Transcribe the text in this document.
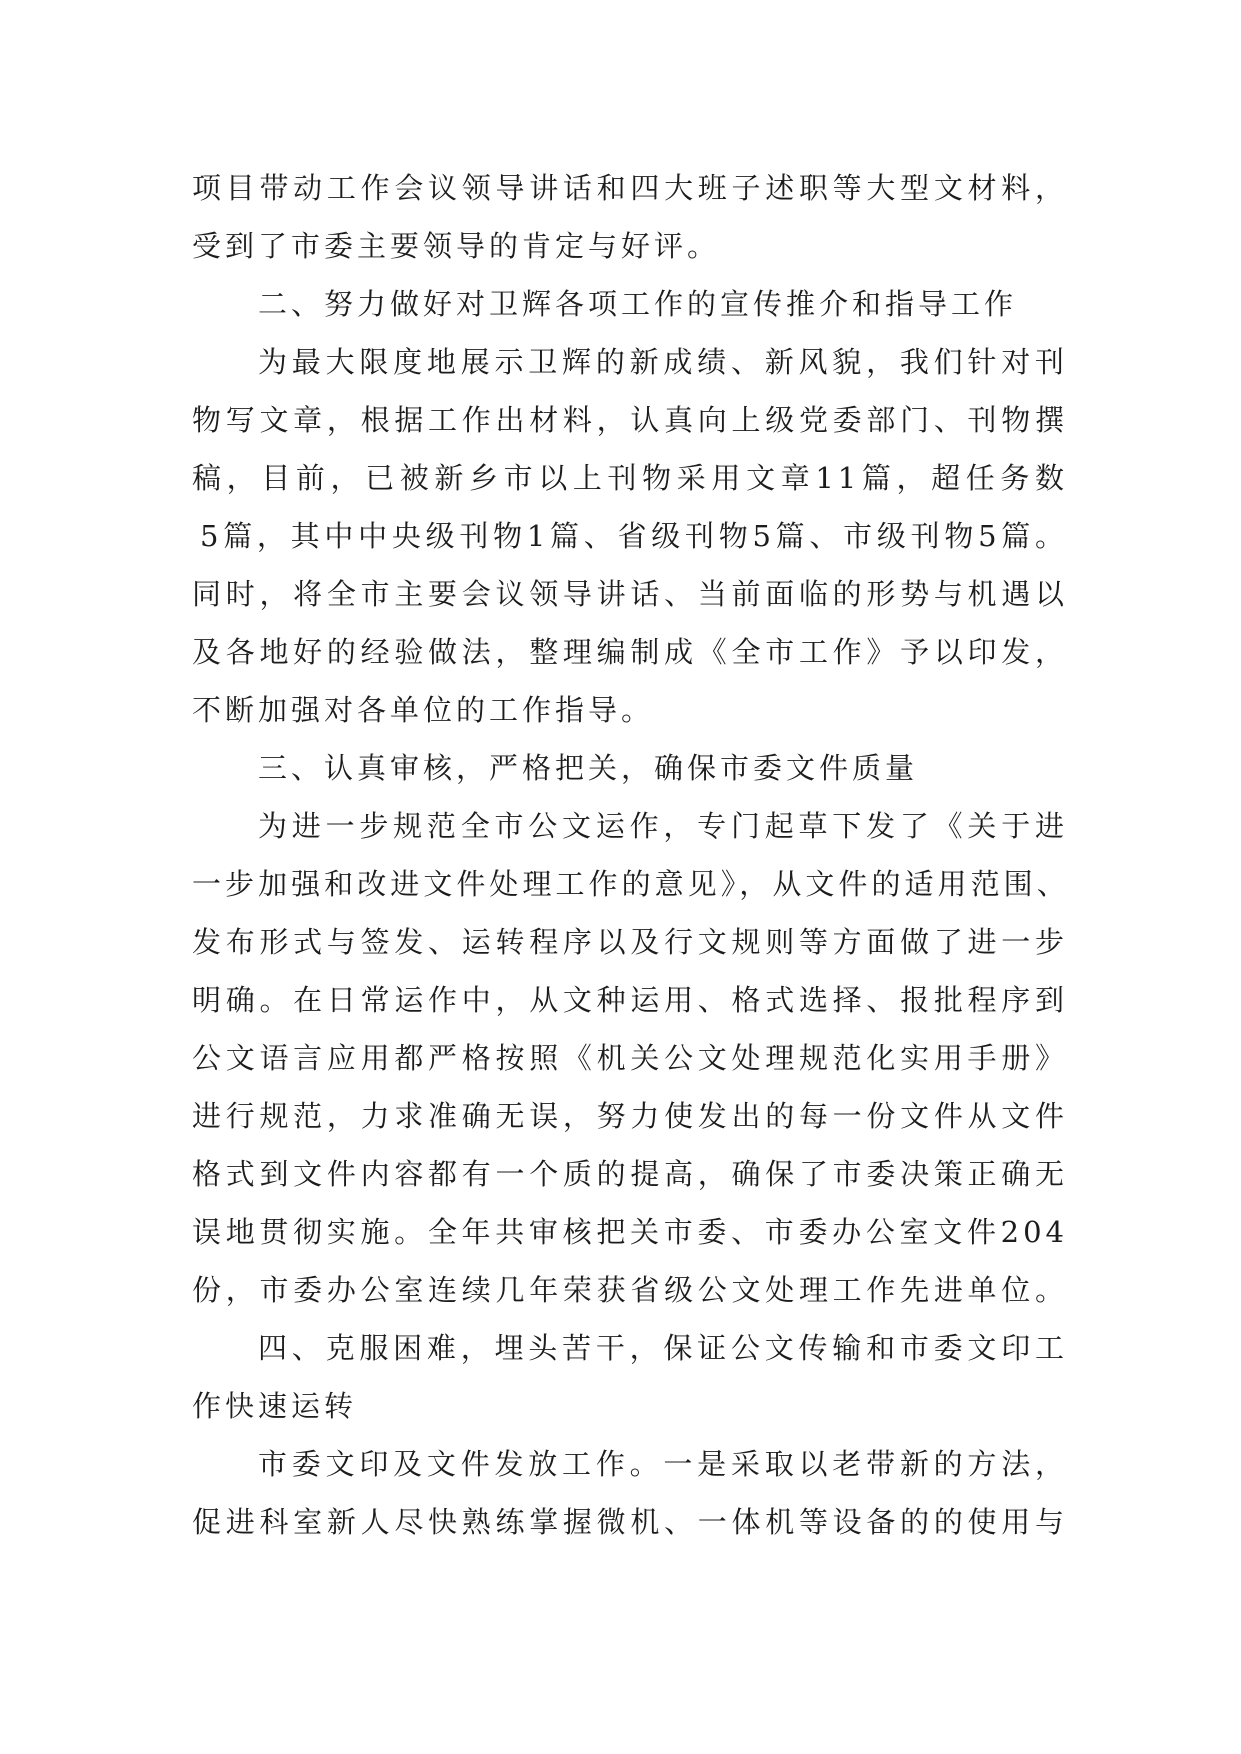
项目带动工作会议领导讲话和四大班子述职等大型文材料，
受到了市委主要领导的肯定与好评。
二、努力做好对卫辉各项工作的宣传推介和指导工作
为最大限度地展示卫辉的新成绩、新风貌，我们针对刊
物写文章，根据工作出材料，认真向上级党委部门、刊物撰
稿，目前，已被新乡市以上刊物采用文章11篇，超任务数
5篇，其中中央级刊物1篇、省级刊物5篇、市级刊物5篇。
同时，将全市主要会议领导讲话、当前面临的形势与机遇以
及各地好的经验做法，整理编制成《全市工作》予以印发，
不断加强对各单位的工作指导。
三、认真审核，严格把关，确保市委文件质量
为进一步规范全市公文运作，专门起草下发了《关于进
一步加强和改进文件处理工作的意见》，从文件的适用范围、
发布形式与签发、运转程序以及行文规则等方面做了进一步
明确。在日常运作中，从文种运用、格式选择、报批程序到
公文语言应用都严格按照《机关公文处理规范化实用手册》
进行规范，力求准确无误，努力使发出的每一份文件从文件
格式到文件内容都有一个质的提高，确保了市委决策正确无
误地贯彻实施。全年共审核把关市委、市委办公室文件204
份，市委办公室连续几年荣获省级公文处理工作先进单位。
四、克服困难，埋头苦干，保证公文传输和市委文印工
作快速运转
市委文印及文件发放工作。一是采取以老带新的方法，
促进科室新人尽快熟练掌握微机、一体机等设备的的使用与
